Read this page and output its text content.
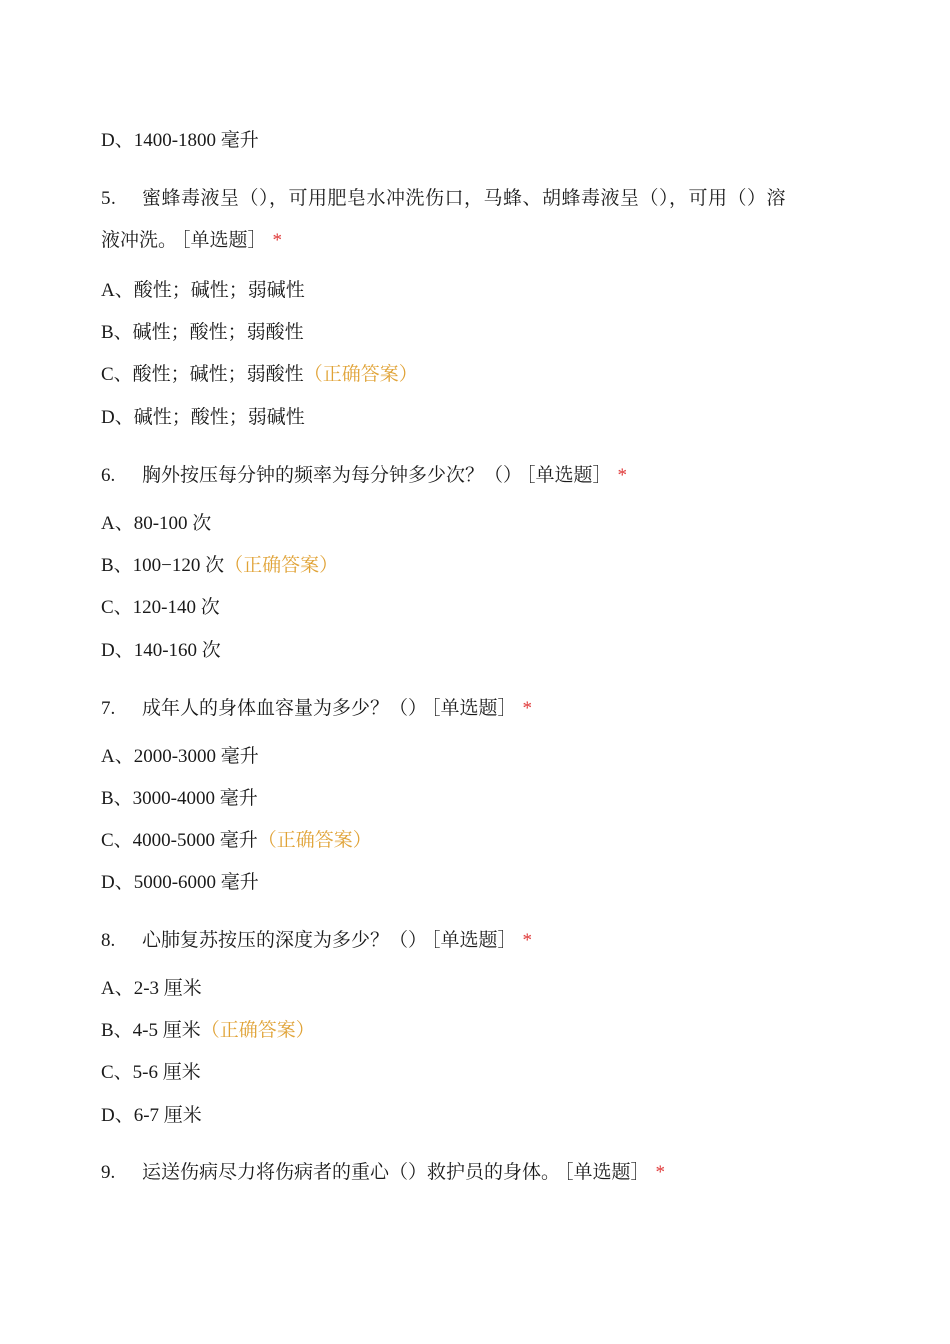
D、1400-1800 毫升
5. 蜜蜂毒液呈（），可用肥皂水冲洗伤口，马蜂、胡蜂毒液呈（），可用（）溶
液冲洗。 ［单选题］ *
A、酸性；碱性；弱碱性
B、碱性；酸性；弱酸性
C、酸性；碱性；弱酸性（正确答案）
D、碱性；酸性；弱碱性
6. 胸外按压每分钟的频率为每分钟多少次？（） ［单选题］ *
A、80-100 次
B、100−120 次（正确答案）
C、120-140 次
D、140-160 次
7. 成年人的身体血容量为多少？（） ［单选题］ *
A、2000-3000 毫升
B、3000-4000 毫升
C、4000-5000 毫升（正确答案）
D、5000-6000 毫升
8. 心肺复苏按压的深度为多少？（） ［单选题］ *
A、2-3 厘米
B、4-5 厘米（正确答案）
C、5-6 厘米
D、6-7 厘米
9. 运送伤病尽力将伤病者的重心（）救护员的身体。 ［单选题］ *
